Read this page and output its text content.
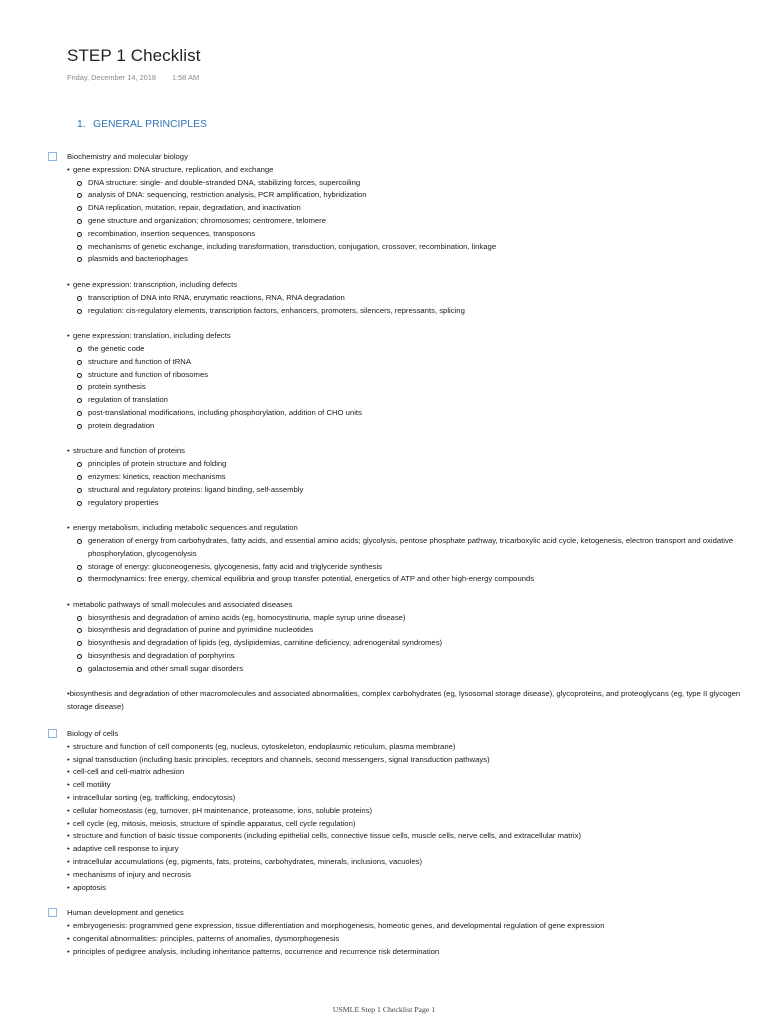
STEP 1 Checklist
Friday, December 14, 2018 1:58 AM
1. GENERAL PRINCIPLES
Biochemistry and molecular biology
• gene expression: DNA structure, replication, and exchange
DNA structure: single- and double-stranded DNA, stabilizing forces, supercoiling
analysis of DNA: sequencing, restriction analysis, PCR amplification, hybridization
DNA replication, mutation, repair, degradation, and inactivation
gene structure and organization; chromosomes; centromere, telomere
recombination, insertion sequences, transposons
mechanisms of genetic exchange, including transformation, transduction, conjugation, crossover, recombination, linkage
plasmids and bacteriophages
• gene expression: transcription, including defects
transcription of DNA into RNA, enzymatic reactions, RNA, RNA degradation
regulation: cis-regulatory elements, transcription factors, enhancers, promoters, silencers, repressants, splicing
• gene expression: translation, including defects
the genetic code
structure and function of tRNA
structure and function of ribosomes
protein synthesis
regulation of translation
post-translational modifications, including phosphorylation, addition of CHO units
protein degradation
• structure and function of proteins
principles of protein structure and folding
enzymes: kinetics, reaction mechanisms
structural and regulatory proteins: ligand binding, self-assembly
regulatory properties
• energy metabolism, including metabolic sequences and regulation
generation of energy from carbohydrates, fatty acids, and essential amino acids; glycolysis, pentose phosphate pathway, tricarboxylic acid cycle, ketogenesis, electron transport and oxidative phosphorylation, glycogenolysis
storage of energy: gluconeogenesis, glycogenesis, fatty acid and triglyceride synthesis
thermodynamics: free energy, chemical equilibria and group transfer potential, energetics of ATP and other high-energy compounds
• metabolic pathways of small molecules and associated diseases
biosynthesis and degradation of amino acids (eg, homocystinuria, maple syrup urine disease)
biosynthesis and degradation of purine and pyrimidine nucleotides
biosynthesis and degradation of lipids (eg, dyslipidemias, carnitine deficiency, adrenogenital syndromes)
biosynthesis and degradation of porphyrins
galactosemia and other small sugar disorders
•biosynthesis and degradation of other macromolecules and associated abnormalities, complex carbohydrates (eg, lysosomal storage disease), glycoproteins, and proteoglycans (eg, type II glycogen storage disease)
Biology of cells
• structure and function of cell components (eg, nucleus, cytoskeleton, endoplasmic reticulum, plasma membrane)
• signal transduction (including basic principles, receptors and channels, second messengers, signal transduction pathways)
• cell-cell and cell-matrix adhesion
• cell motility
• intracellular sorting (eg, trafficking, endocytosis)
• cellular homeostasis (eg, turnover, pH maintenance, proteasome, ions, soluble proteins)
• cell cycle (eg, mitosis, meiosis, structure of spindle apparatus, cell cycle regulation)
• structure and function of basic tissue components (including epithelial cells, connective tissue cells, muscle cells, nerve cells, and extracellular matrix)
• adaptive cell response to injury
• intracellular accumulations (eg, pigments, fats, proteins, carbohydrates, minerals, inclusions, vacuoles)
• mechanisms of injury and necrosis
• apoptosis
Human development and genetics
• embryogenesis: programmed gene expression, tissue differentiation and morphogenesis, homeotic genes, and developmental regulation of gene expression
• congenital abnormalities: principles, patterns of anomalies, dysmorphogenesis
• principles of pedigree analysis, including inheritance patterns, occurrence and recurrence risk determination
USMLE Step 1 Checklist Page 1
